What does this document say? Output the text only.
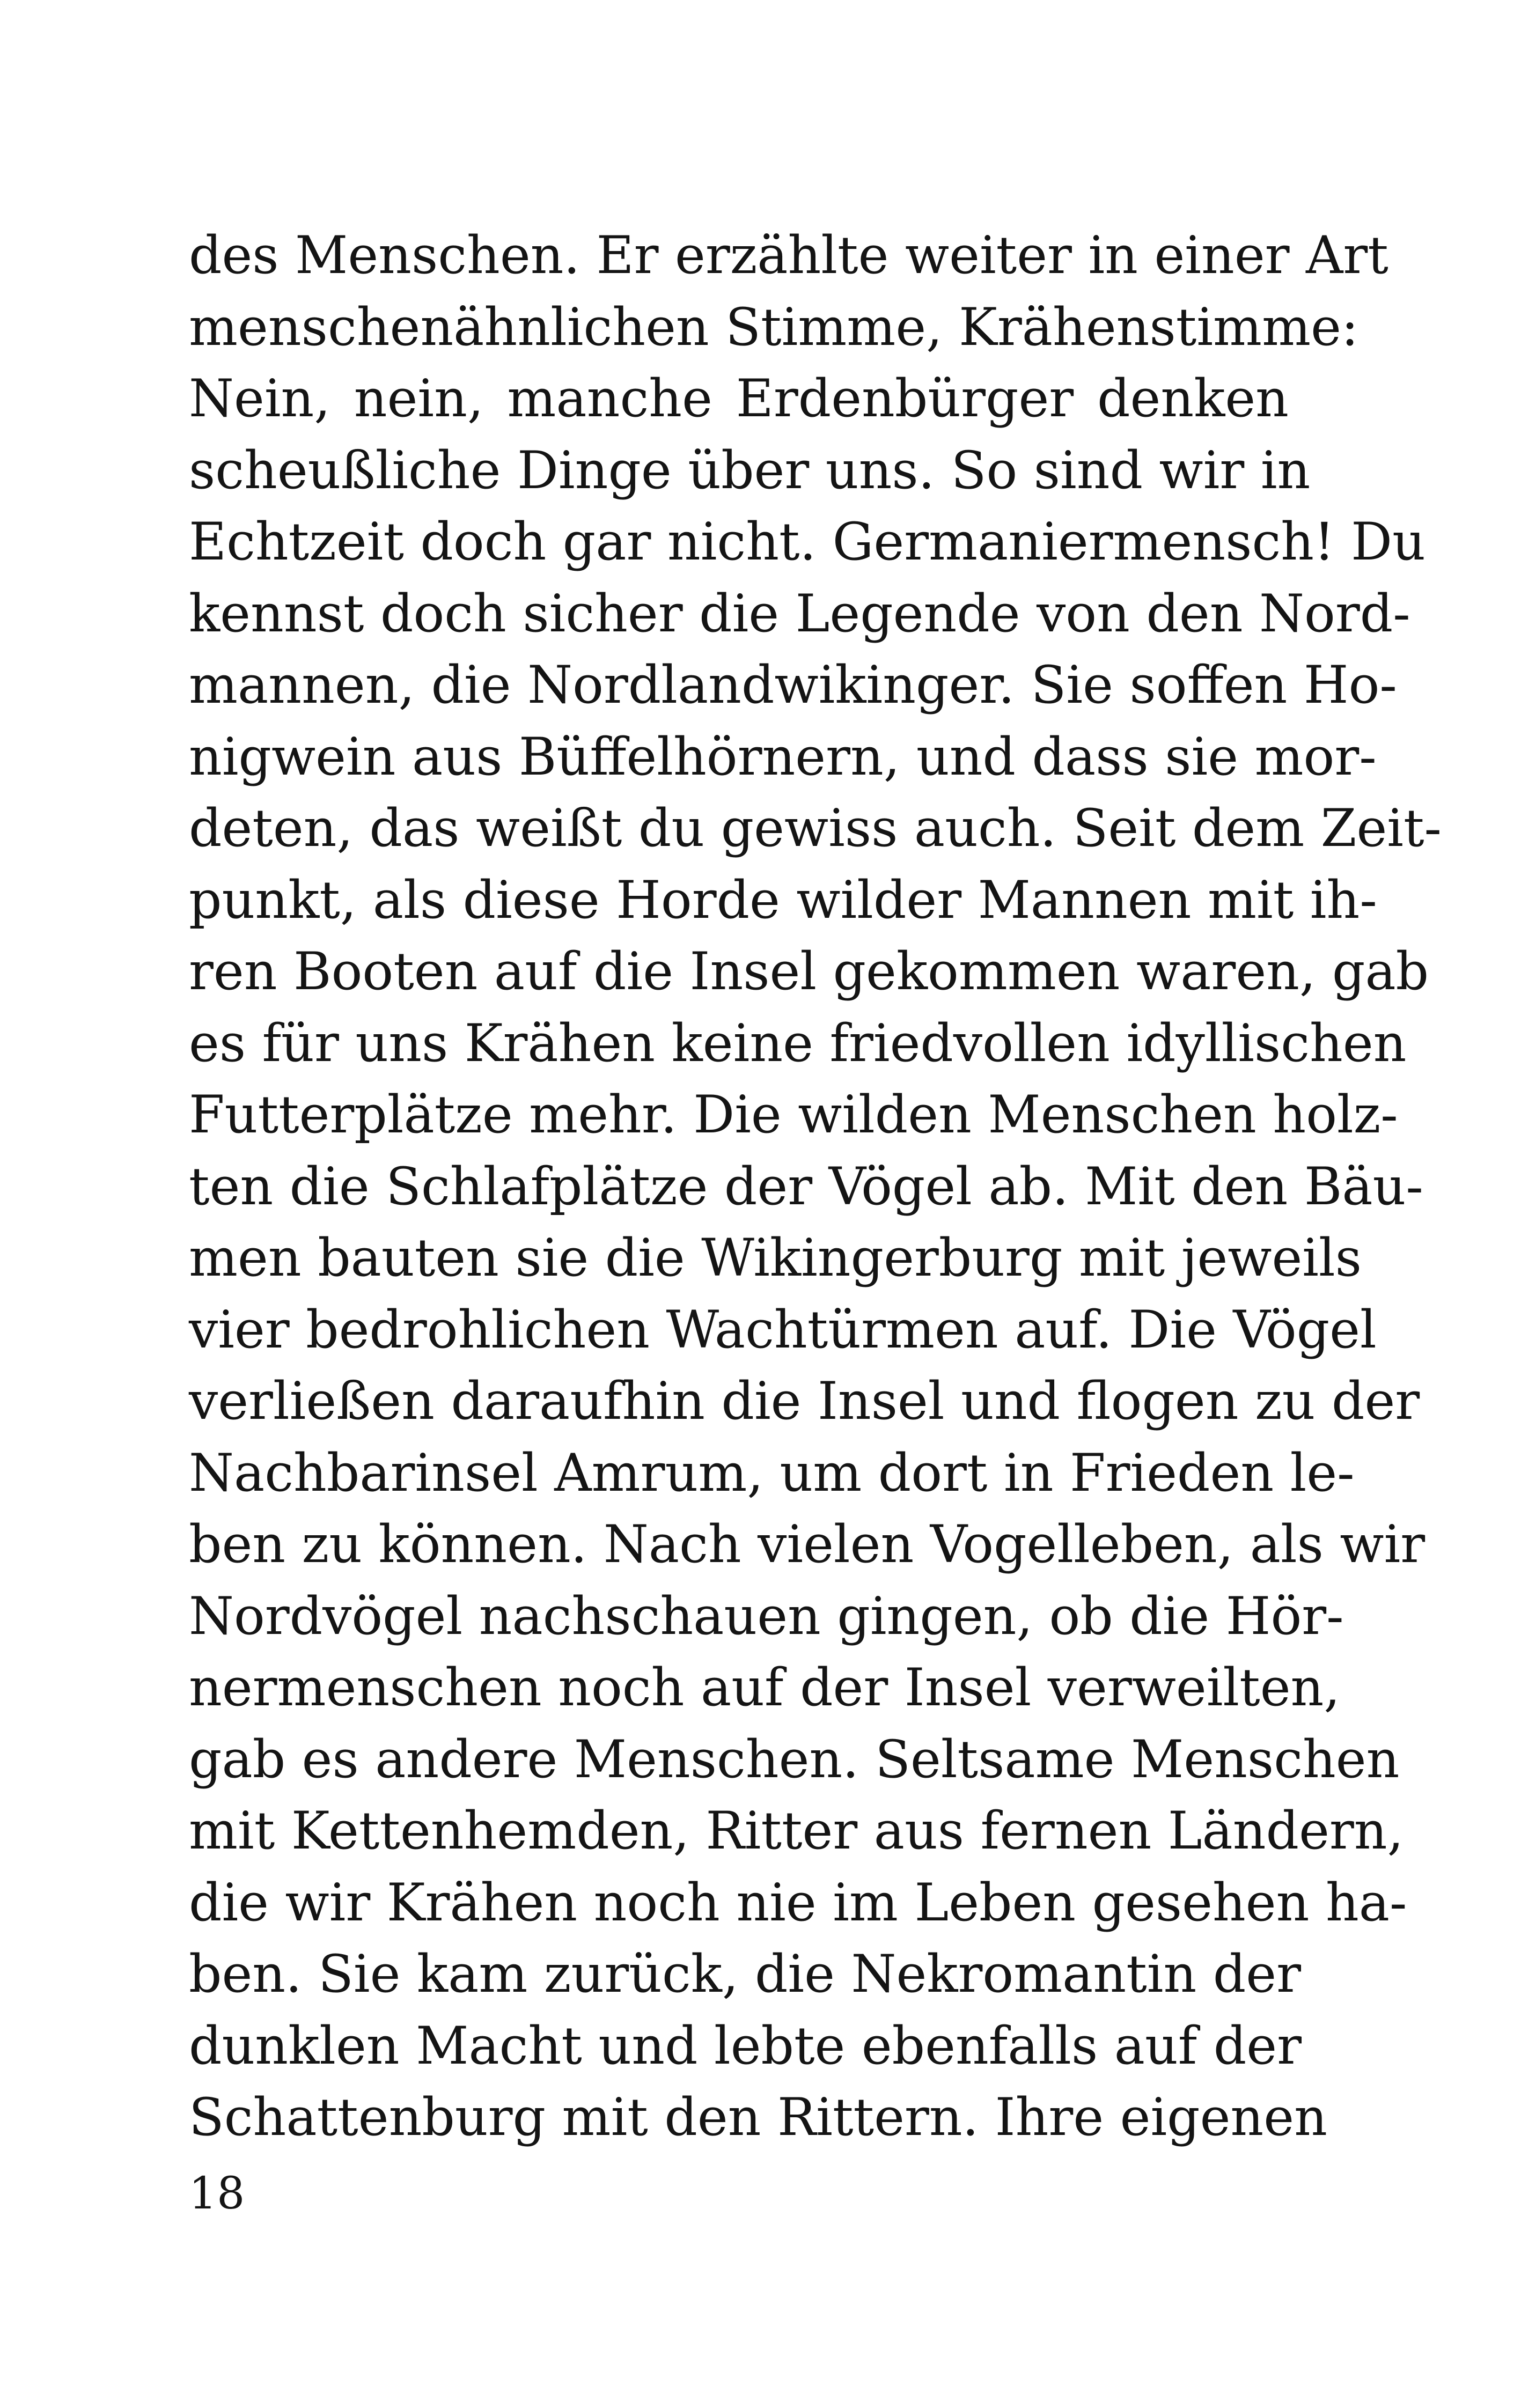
des Menschen. Er erzählte weiter in einer Art
menschenähnlichen Stimme, Krähenstimme:
Nein, nein, manche Erdenbürger denken
scheußliche Dinge über uns. So sind wir in
Echtzeit doch gar nicht. Germaniermensch! Du
kennst doch sicher die Legende von den Nord-
mannen, die Nordlandwikinger. Sie soffen Ho-
nigwein aus Büffelhörnern, und dass sie mor-
deten, das weißt du gewiss auch. Seit dem Zeit-
punkt, als diese Horde wilder Mannen mit ih-
ren Booten auf die Insel gekommen waren, gab
es für uns Krähen keine friedvollen idyllischen
Futterplätze mehr. Die wilden Menschen holz-
ten die Schlafplätze der Vögel ab. Mit den Bäu-
men bauten sie die Wikingerburg mit jeweils
vier bedrohlichen Wachtürmen auf. Die Vögel
verließen daraufhin die Insel und flogen zu der
Nachbarinsel Amrum, um dort in Frieden le-
ben zu können. Nach vielen Vogelleben, als wir
Nordvögel nachschauen gingen, ob die Hör-
nermenschen noch auf der Insel verweilten,
gab es andere Menschen. Seltsame Menschen
mit Kettenhemden, Ritter aus fernen Ländern,
die wir Krähen noch nie im Leben gesehen ha-
ben. Sie kam zurück, die Nekromantin der
dunklen Macht und lebte ebenfalls auf der
Schattenburg mit den Rittern. Ihre eigenen
18
